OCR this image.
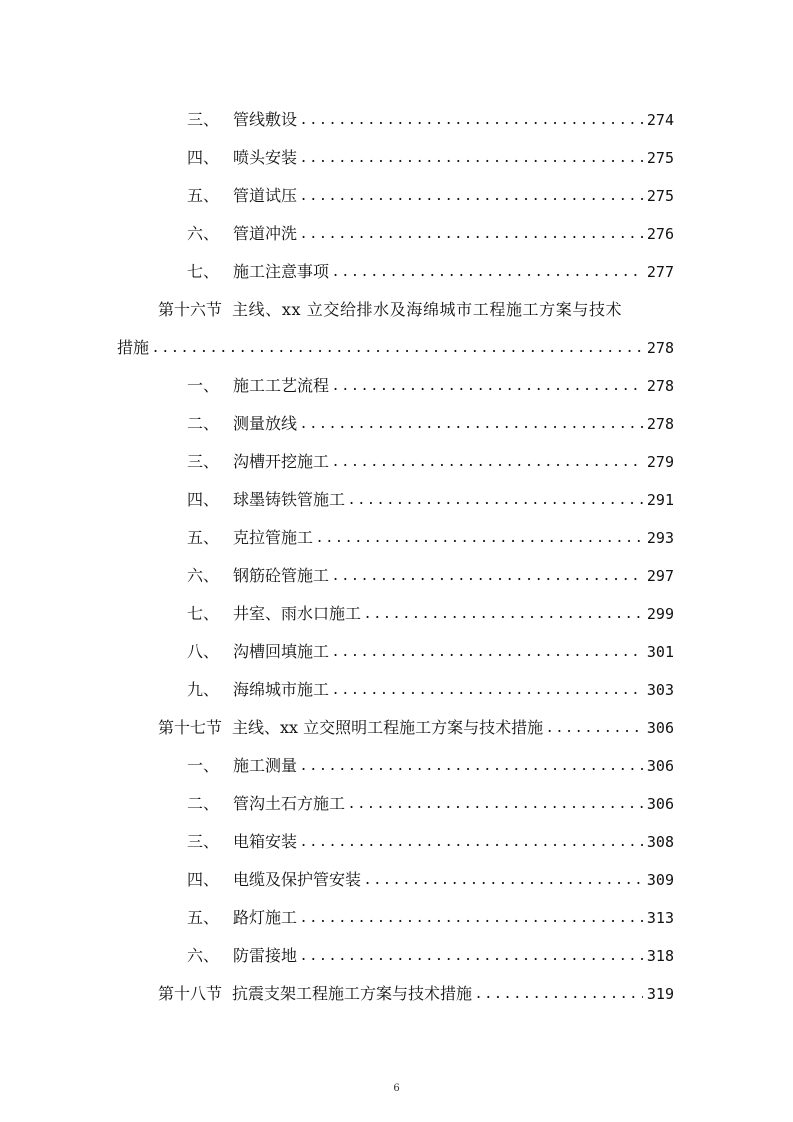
三、 管线敷设 . . .	274
四、 喷头安装 . . .	275
五、 管道试压 . . .	275
六、 管道冲洗 . . .	276
七、 施工注意事项 . . .	277
第十六节 主线、xx 立交给排水及海绵城市工程施工方案与技术
措施 . . .	278
一、 施工工艺流程 . . .	278
二、 测量放线 . . .	278
三、 沟槽开挖施工 . . .	279
四、 球墨铸铁管施工 . . .	291
五、 克拉管施工 . . .	293
六、 钢筋砼管施工 . . .	297
七、 井室、雨水口施工 . . .	299
八、 沟槽回填施工 . . .	301
九、 海绵城市施工 . . .	303
第十七节 主线、xx 立交照明工程施工方案与技术措施 . . .	306
一、 施工测量 . . .	306
二、 管沟土石方施工 . . .	306
三、 电箱安装 . . .	308
四、 电缆及保护管安装 . . .	309
五、 路灯施工 . . .	313
六、 防雷接地 . . .	318
第十八节 抗震支架工程施工方案与技术措施 . . .	319
6
